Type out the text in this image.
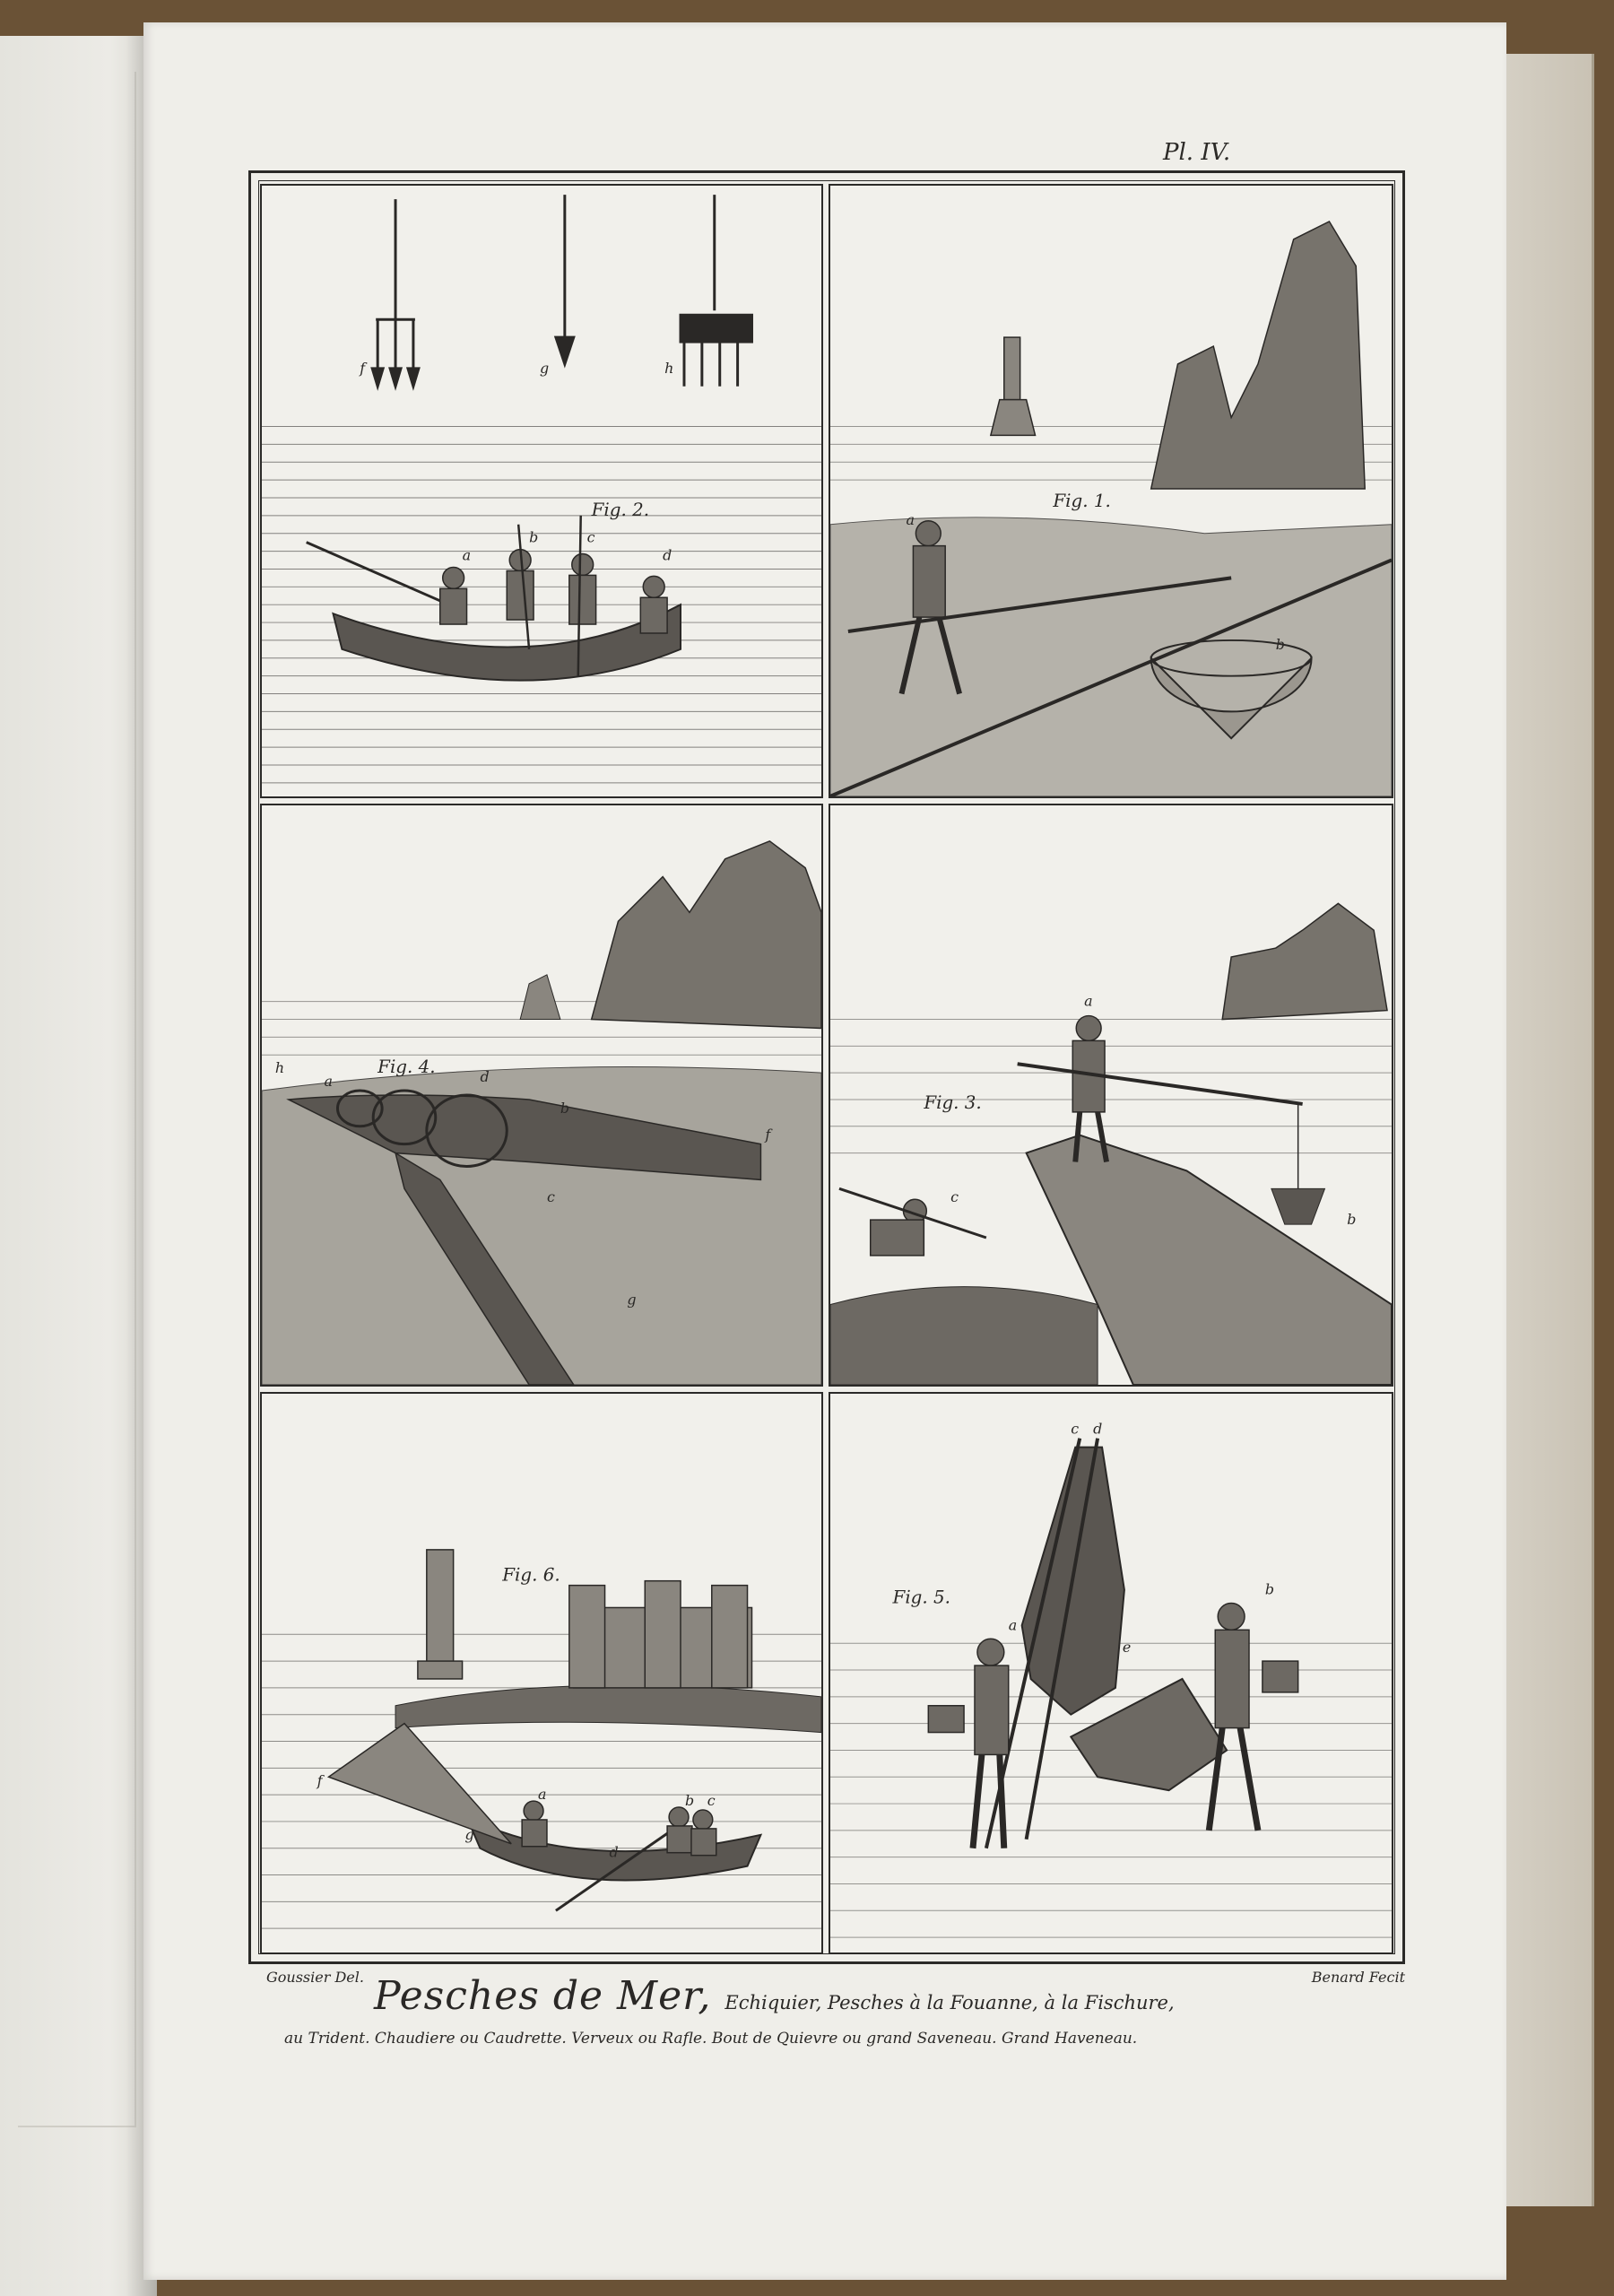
Pl. IV.
Fig. 2.
a
b	c
d
f	g	h
Fig. 1.
a
b
Fig. 4.
h
a	d
b
f
c
g
Fig. 3.
a
b
c
Fig. 6.
f
a	b c
g
d
Fig. 5.
c d
a
b
e
Goussier Del.	Benard Fecit
Pesches de Mer, Echiquier, Pesches à la Fouanne, à la Fischure,
au Trident. Chaudiere ou Caudrette. Verveux ou Rafle. Bout de Quievre ou grand Saveneau. Grand Haveneau.
